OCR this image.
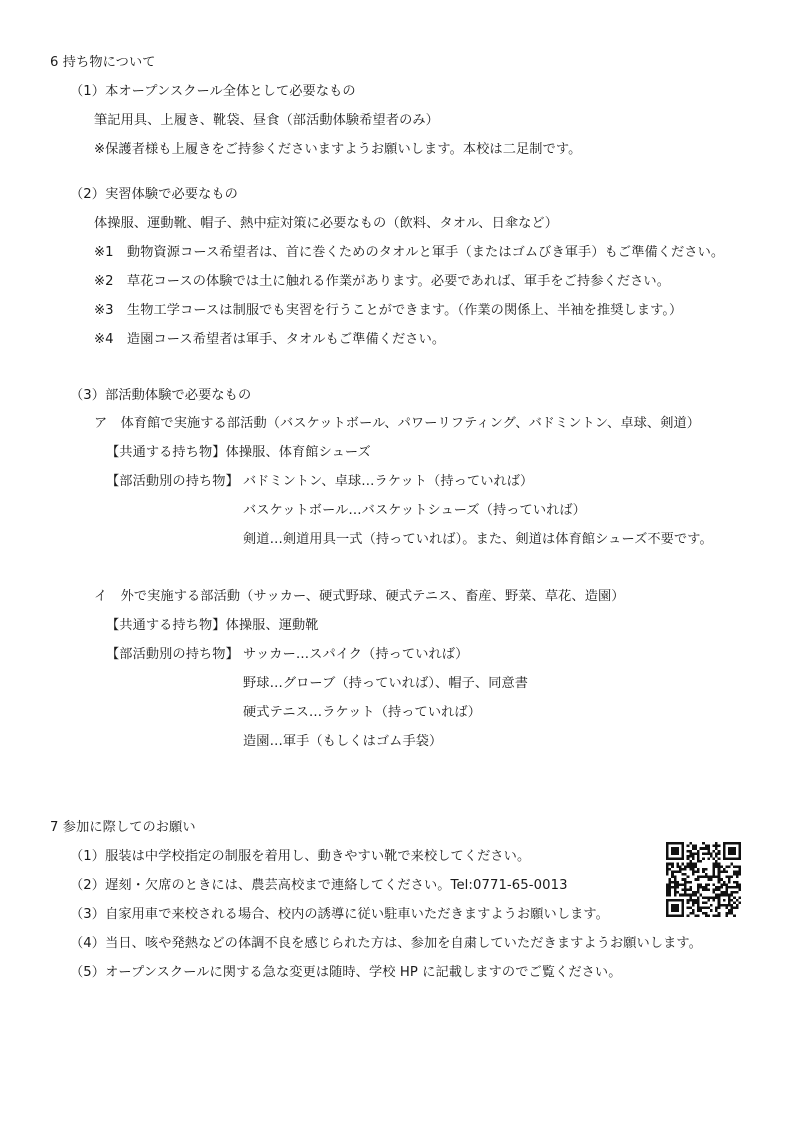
6 持ち物について
（1）本オープンスクール全体として必要なもの
筆記用具、上履き、靴袋、昼食（部活動体験希望者のみ）
※保護者様も上履きをご持参くださいますようお願いします。本校は二足制です。
（2）実習体験で必要なもの
体操服、運動靴、帽子、熱中症対策に必要なもの（飲料、タオル、日傘など）
※1　動物資源コース希望者は、首に巻くためのタオルと軍手（またはゴムびき軍手）もご準備ください。
※2　草花コースの体験では土に触れる作業があります。必要であれば、軍手をご持参ください。
※3　生物工学コースは制服でも実習を行うことができます。（作業の関係上、半袖を推奨します。）
※4　造園コース希望者は軍手、タオルもご準備ください。
（3）部活動体験で必要なもの
ア　体育館で実施する部活動（バスケットボール、パワーリフティング、バドミントン、卓球、剣道）
【共通する持ち物】体操服、体育館シューズ
【部活動別の持ち物】 バドミントン、卓球…ラケット（持っていれば）
バスケットボール…バスケットシューズ（持っていれば）
剣道…剣道用具一式（持っていれば）。また、剣道は体育館シューズ不要です。
イ　外で実施する部活動（サッカー、硬式野球、硬式テニス、畜産、野菜、草花、造園）
【共通する持ち物】体操服、運動靴
【部活動別の持ち物】 サッカー…スパイク（持っていれば）
野球…グローブ（持っていれば）、帽子、同意書
硬式テニス…ラケット（持っていれば）
造園…軍手（もしくはゴム手袋）
7 参加に際してのお願い
（1）服装は中学校指定の制服を着用し、動きやすい靴で来校してください。
（2）遅刻・欠席のときには、農芸高校まで連絡してください。Tel:0771-65-0013
（3）自家用車で来校される場合、校内の誘導に従い駐車いただきますようお願いします。
（4）当日、咳や発熱などの体調不良を感じられた方は、参加を自粛していただきますようお願いします。
（5）オープンスクールに関する急な変更は随時、学校 HP に記載しますのでご覧ください。
